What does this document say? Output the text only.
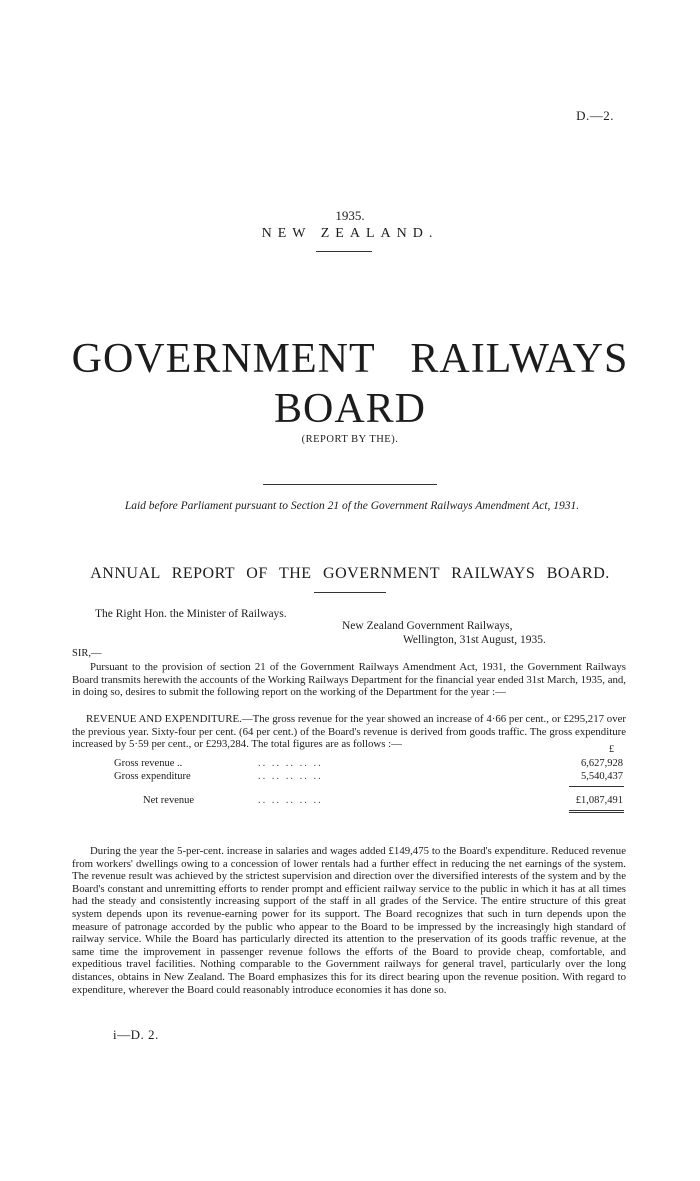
D.—2.
1935.
NEW ZEALAND.
GOVERNMENT RAILWAYS
BOARD
(REPORT BY THE).
Laid before Parliament pursuant to Section 21 of the Government Railways Amendment Act, 1931.
ANNUAL REPORT OF THE GOVERNMENT RAILWAYS BOARD.
The Right Hon. the Minister of Railways.
New Zealand Government Railways,
Wellington, 31st August, 1935.
SIR,—
Pursuant to the provision of section 21 of the Government Railways Amendment Act, 1931, the Government Railways Board transmits herewith the accounts of the Working Railways Department for the financial year ended 31st March, 1935, and, in doing so, desires to submit the following report on the working of the Department for the year :—
REVENUE AND EXPENDITURE.—The gross revenue for the year showed an increase of 4·66 per cent., or £295,217 over the previous year. Sixty-four per cent. (64 per cent.) of the Board's revenue is derived from goods traffic. The gross expenditure increased by 5·59 per cent., or £293,284. The total figures are as follows :—	£
Gross revenue ..	.. .. .. .. ..	6,627,928
Gross expenditure	.. .. .. .. ..	5,540,437
Net revenue	.. .. .. .. ..	£1,087,491
During the year the 5-per-cent. increase in salaries and wages added £149,475 to the Board's expenditure. Reduced revenue from workers' dwellings owing to a concession of lower rentals had a further effect in reducing the net earnings of the system. The revenue result was achieved by the strictest supervision and direction over the diversified interests of the system and by the Board's constant and unremitting efforts to render prompt and efficient railway service to the public in which it has at all times had the steady and consistently increasing support of the staff in all grades of the Service. The entire structure of this great system depends upon its revenue-earning power for its support. The Board recognizes that such in turn depends upon the measure of patronage accorded by the public who appear to the Board to be impressed by the increasingly high standard of railway service. While the Board has particularly directed its attention to the preservation of its goods traffic revenue, at the same time the improvement in passenger revenue follows the efforts of the Board to provide cheap, comfortable, and expeditious travel facilities. Nothing comparable to the Government railways for general travel, particularly over the long distances, obtains in New Zealand. The Board emphasizes this for its direct bearing upon the revenue position. With regard to expenditure, wherever the Board could reasonably introduce economies it has done so.
i—D. 2.
